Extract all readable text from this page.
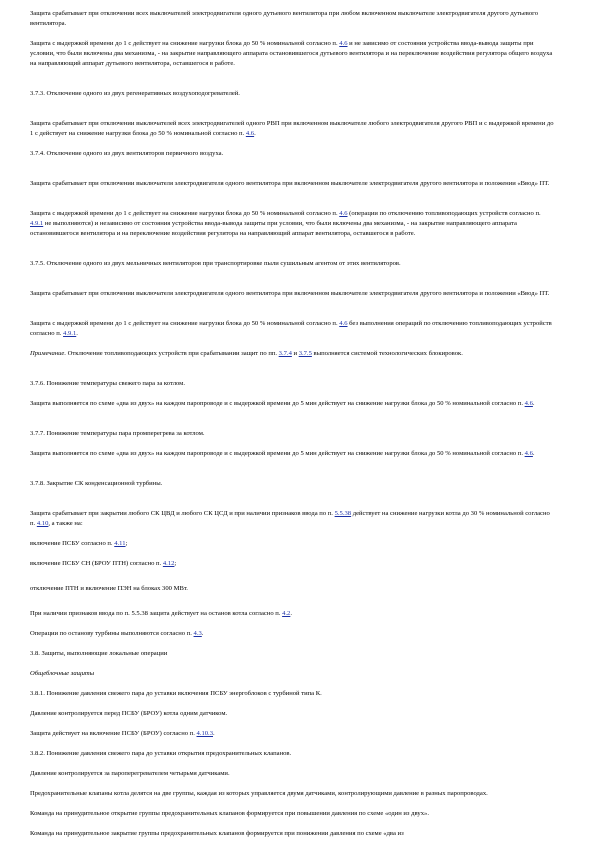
Защита срабатывает при отключении всех выключателей электродвигателя одного дутьевого вентилятора при любом включенном выключателе электродвигателя другого дутьевого вентилятора.

Защита с выдержкой времени до 1 с действует на снижение нагрузки блока до 50 % номинальной согласно п. 4.6 и не зависимо от состояния устройства ввода-вывода защиты при условии, что были включены два механизма, - на закрытие направляющего аппарата остановившегося дутьевого вентилятора и на переключение воздействия регулятора общего воздуха на направляющий аппарат дутьевого вентилятора, оставшегося в работе.

3.7.3. Отключение одного из двух регенеративных воздухоподогревателей.

Защита срабатывает при отключении выключателей всех электродвигателей одного РВП при включенном выключателе любого электродвигателя другого РВП и с выдержкой времени до 1 с действует на снижение нагрузки блока до 50 % номинальной согласно п. 4.6.

3.7.4. Отключение одного из двух вентиляторов первичного воздуха.

Защита срабатывает при отключении выключателя электродвигателя одного вентилятора при включенном выключателе электродвигателя другого вентилятора и положении «Ввод» ПТ.

Защита с выдержкой времени до 1 с действует на снижение нагрузки блока до 50 % номинальной согласно п. 4.6 (операции по отключению топливоподающих устройств согласно п. 4.9.1 не выполняются) и независимо от состояния устройства ввода-вывода защиты при условии, что были включены два механизма, - на закрытие направляющего аппарата остановившегося вентилятора и на переключение воздействия регулятора на направляющий аппарат вентилятора, оставшегося в работе.

3.7.5. Отключение одного из двух мельничных вентиляторов при транспортировке пыли сушильным агентом от этих вентиляторов.

Защита срабатывает при отключении выключателя электродвигателя одного вентилятора при включенном выключателе электродвигателя другого вентилятора и положении «Ввод» ПТ.

Защита с выдержкой времени до 1 с действует на снижение нагрузки блока до 50 % номинальной согласно п. 4.6 без выполнения операций по отключению топливоподающих устройств согласно п. 4.9.1.

Примечание. Отключение топливоподающих устройств при срабатывании защит по пп. 3.7.4 и 3.7.5 выполняется системой технологических блокировок.

3.7.6. Понижение температуры свежего пара за котлом.

Защита выполняется по схеме «два из двух» на каждом паропроводе и с выдержкой времени до 5 мин действует на снижение нагрузки блока до 50 % номинальной согласно п. 4.6.

3.7.7. Понижение температуры пара промперегрева за котлом.

Защита выполняется по схеме «два из двух» на каждом паропроводе и с выдержкой времени до 5 мин действует на снижение нагрузки блока до 50 % номинальной согласно п. 4.6.

3.7.8. Закрытие СК конденсационной турбины.

Защита срабатывает при закрытии любого СК ЦВД и любого СК ЦСД и при наличии признаков ввода по п. 5.5.38 действует на снижение нагрузки котла до 30 % номинальной согласно п. 4.10, а также на:

включение ПСБУ согласно п. 4.11;

включение ПСБУ СН (БРОУ ПТН) согласно п. 4.12;

отключение ПТН и включение ПЭН на блоках 300 МВт.

При наличии признаков ввода по п. 5.5.38 защита действует на останов котла согласно п. 4.2.

Операции по останову турбины выполняются согласно п. 4.3.

3.8. Защиты, выполняющие локальные операции

Общеблочные защиты

3.8.1. Понижение давления свежего пара до уставки включения ПСБУ энергоблоков с турбиной типа К.

Давление контролируется перед ПСБУ (БРОУ) котла одним датчиком.

Защита действует на включение ПСБУ (БРОУ) согласно п. 4.10.3.

3.8.2. Понижение давления свежего пара до уставки открытия предохранительных клапанов.

Давление контролируется за пароперегревателем четырьмя датчиками.

Предохранительные клапаны котла делятся на две группы, каждая из которых управляется двумя датчиками, контролирующими давление в разных паропроводах.

Команда на принудительное открытие группы предохранительных клапанов формируется при повышении давления по схеме «один из двух».

Команда на принудительное закрытие группы предохранительных клапанов формируется при понижении давления по схеме «два из
